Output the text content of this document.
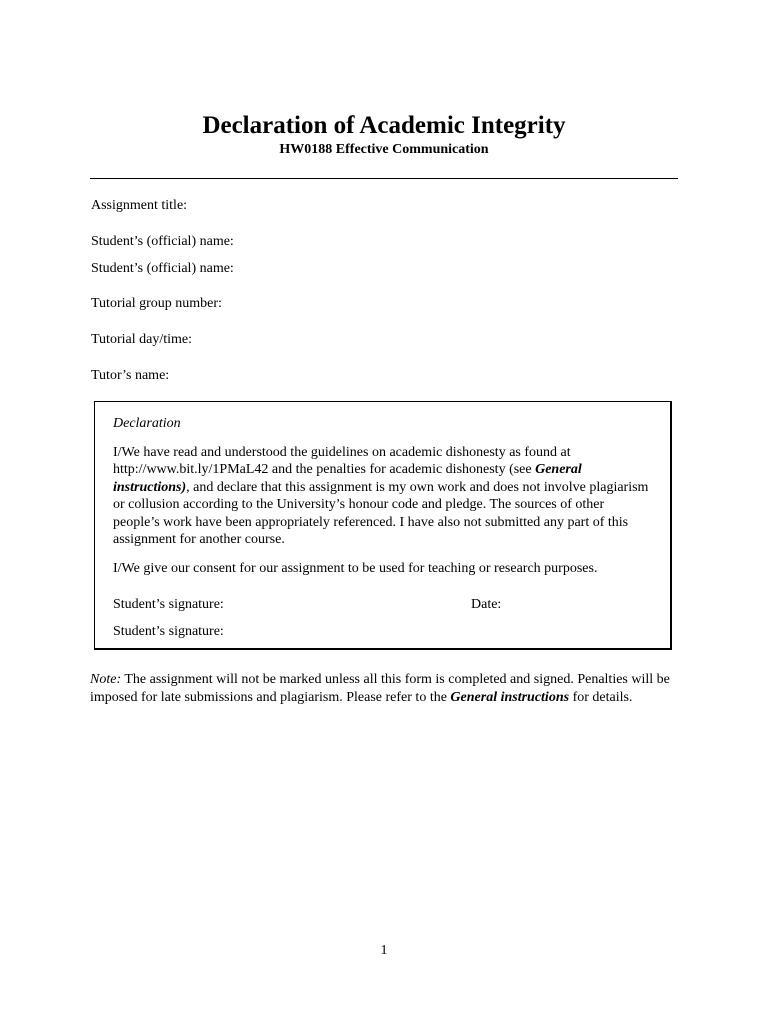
Declaration of Academic Integrity
HW0188 Effective Communication
Assignment title:
Student’s (official) name:
Student’s (official) name:
Tutorial group number:
Tutorial day/time:
Tutor’s name:
Declaration
I/We have read and understood the guidelines on academic dishonesty as found at http://www.bit.ly/1PMaL42 and the penalties for academic dishonesty (see General instructions), and declare that this assignment is my own work and does not involve plagiarism or collusion according to the University’s honour code and pledge. The sources of other people’s work have been appropriately referenced. I have also not submitted any part of this assignment for another course.
I/We give our consent for our assignment to be used for teaching or research purposes.
Student’s signature:	Date:
Student’s signature:
Note: The assignment will not be marked unless all this form is completed and signed. Penalties will be imposed for late submissions and plagiarism. Please refer to the General instructions for details.
1
